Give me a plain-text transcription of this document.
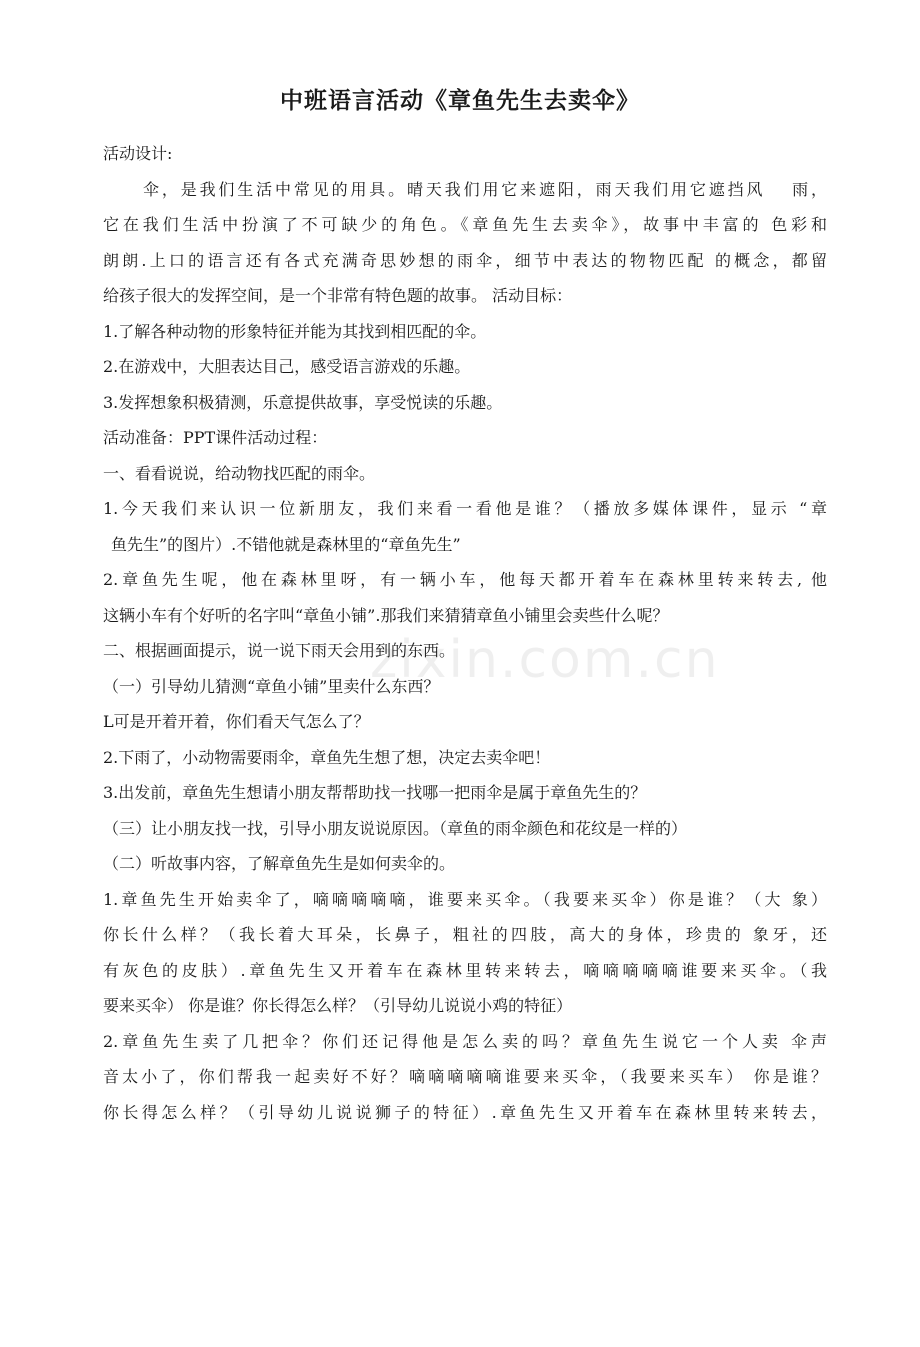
zixin.com.cn
中班语言活动《章鱼先生去卖伞》
活动设计:
伞，是我们生活中常见的用具。晴天我们用它来遮阳，雨天我们用它遮挡风　 雨，
它在我们生活中扮演了不可缺少的角色。《章鱼先生去卖伞》，故事中丰富的 色彩和
朗朗.上口的语言还有各式充满奇思妙想的雨伞，细节中表达的物物匹配 的概念，都留
给孩子很大的发挥空间，是一个非常有特色题的故事。 活动目标：
1.了解各种动物的形象特征并能为其找到相匹配的伞。
2.在游戏中，大胆表达目己，感受语言游戏的乐趣。
3.发挥想象积极猜测，乐意提供故事，享受悦读的乐趣。
活动准备：PPT课件活动过程：
一、看看说说，给动物找匹配的雨伞。
1.今天我们来认识一位新朋友，我们来看一看他是谁？（播放多媒体课件，显示 “章
鱼先生”的图片）.不错他就是森林里的“章鱼先生”
2.章鱼先生呢，他在森林里呀，有一辆小车，他每天都开着车在森林里转来转去, 他
这辆小车有个好听的名字叫“章鱼小铺”.那我们来猜猜章鱼小铺里会卖些什么呢？
二、根据画面提示，说一说下雨天会用到的东西。
（一）引导幼儿猜测“章鱼小铺”里卖什么东西？
L可是开着开着，你们看天气怎么了？
2.下雨了，小动物需要雨伞，章鱼先生想了想，决定去卖伞吧！
3.出发前，章鱼先生想请小朋友帮帮助找一找哪一把雨伞是属于章鱼先生的？
（三）让小朋友找一找，引导小朋友说说原因。（章鱼的雨伞颜色和花纹是一样的）
（二）听故事内容，了解章鱼先生是如何卖伞的。
1.章鱼先生开始卖伞了，嘀嘀嘀嘀嘀，谁要来买伞。（我要来买伞）你是谁？（大 象）
你长什么样？（我长着大耳朵，长鼻子，粗社的四肢，高大的身体，珍贵的 象牙，还
有灰色的皮肤）.章鱼先生又开着车在森林里转来转去，嘀嘀嘀嘀嘀谁要来买伞。（我
要来买伞） 你是谁？你长得怎么样？（引导幼儿说说小鸡的特征）
2.章鱼先生卖了几把伞？你们还记得他是怎么卖的吗？章鱼先生说它一个人卖 伞声
音太小了，你们帮我一起卖好不好？嘀嘀嘀嘀嘀谁要来买伞，（我要来买车） 你是谁？
你长得怎么样？（引导幼儿说说狮子的特征）.章鱼先生又开着车在森林里转来转去，
